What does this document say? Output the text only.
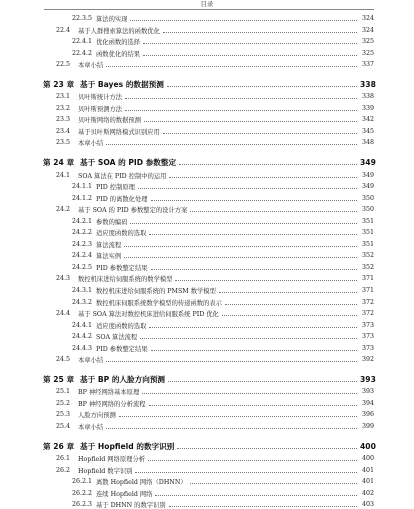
目录
22.3.5 算法的实现	324
22.4	基于人群搜索算法的函数优化	324
22.4.1 优化函数的选择	325
22.4.2 函数优化的结果	325
22.5	本章小结	337
第 23 章 基于 Bayes 的数据预测	338
23.1	贝叶斯统计方法	338
23.2	贝叶斯预测方法	339
23.3	贝叶斯网络的数据预测	342
23.4	基于贝叶斯网络模式识别应用	345
23.5	本章小结	348
第 24 章 基于 SOA 的 PID 参数整定	349
24.1	SOA 算法在 PID 控制中的运用	349
24.1.1 PID 控制原理	349
24.1.2 PID 的离散化处理	350
24.2	基于 SOA 的 PID 参数整定的设计方案	350
24.2.1 参数的编码	351
24.2.2 适应度函数的选取	351
24.2.3 算法流程	351
24.2.4 算法实例	352
24.2.5 PID 参数整定结果	352
24.3	数控机床进给伺服系统的数学模型	371
24.3.1 数控机床进给伺服系统的 PMSM 数学模型	371
24.3.2 数控机床伺服系统数学模型的传递函数的表示	372
24.4	基于 SOA 算法对数控机床进给伺服系统 PID 优化	372
24.4.1 适应度函数的选取	373
24.4.2 SOA 算法流程	373
24.4.3 PID 参数整定结果	373
24.5	本章小结	392
第 25 章 基于 BP 的人脸方向预测	393
25.1	BP 神经网络基本原理	393
25.2	BP 神经网络的分析流程	394
25.3	人脸方向预测	396
25.4	本章小结	399
第 26 章 基于 Hopfield 的数字识别	400
26.1	Hopfield 网络原理分析	400
26.2	Hopfield 数字识别	401
26.2.1 离散 Hopfield 网络（DHNN）	401
26.2.2 连续 Hopfield 网络	402
26.2.3 基于 DHNN 的数字识别	403
